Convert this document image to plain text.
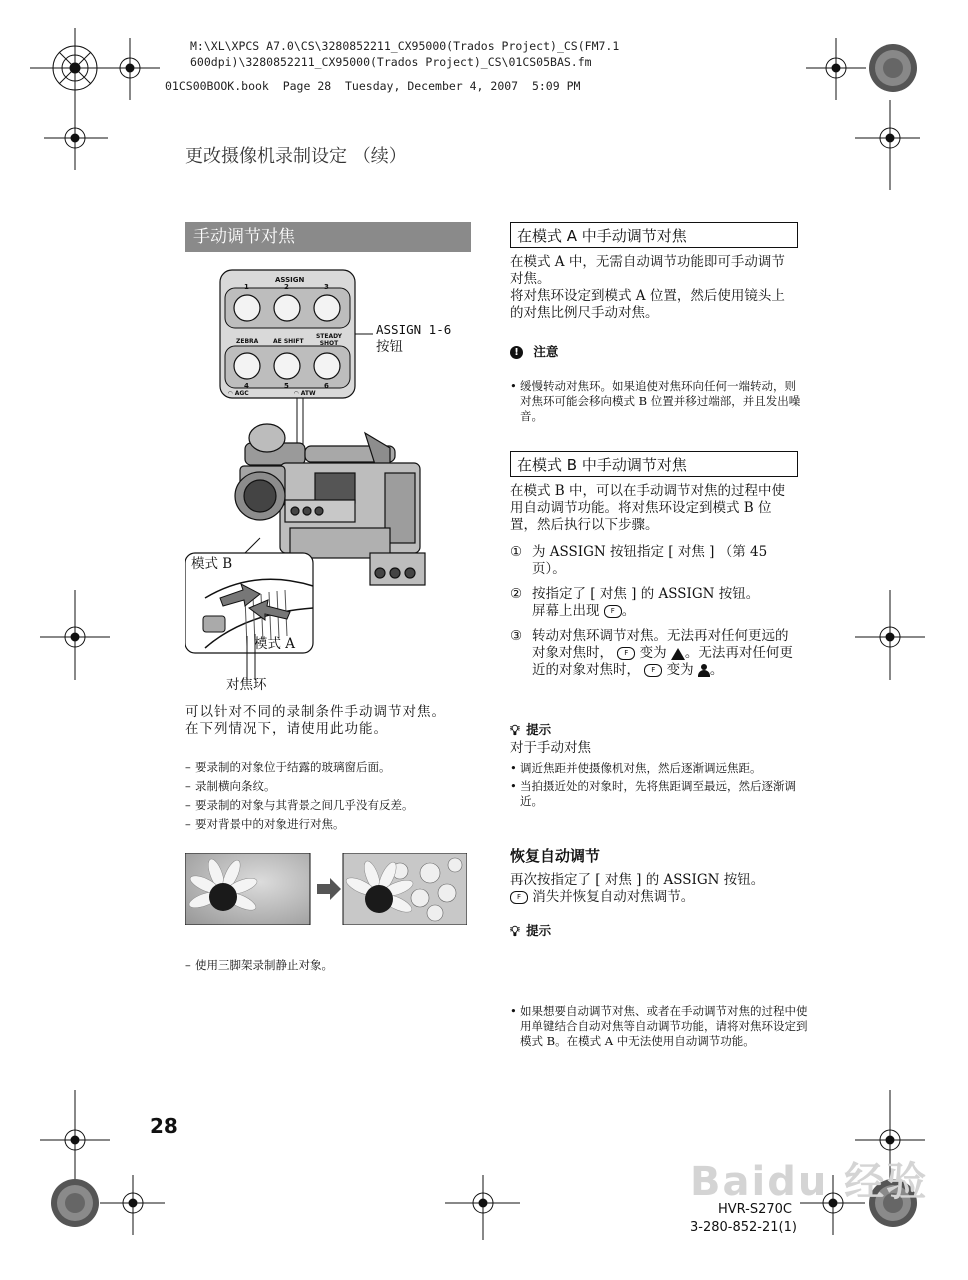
M:\XL\XPCS A7.0\CS\3280852211_CX95000(Trados Project)_CS(FM7.1
600dpi)\3280852211_CX95000(Trados Project)_CS\01CS05BAS.fm
01CS00BOOK.book  Page 28  Tuesday, December 4, 2007  5:09 PM
更改摄像机录制设定 （续）
手动调节对焦
ASSIGN
1	2	3
ZEBRA AE SHIFT
STEADY SHOT
4	5	6
◠ AGC	◠ ATW
ASSIGN 1-6
按钮
模式 B
模式 A
对焦环
可以针对不同的录制条件手动调节对焦。
在下列情况下，请使用此功能。
– 要录制的对象位于结露的玻璃窗后面。
– 录制横向条纹。
– 要录制的对象与其背景之间几乎没有反差。
– 要对背景中的对象进行对焦。
– 使用三脚架录制静止对象。
在模式 A 中手动调节对焦
在模式 A 中，无需自动调节功能即可手动调节对焦。
将对焦环设定到模式 A 位置，然后使用镜头上的对焦比例尺手动对焦。
! 注意
• 缓慢转动对焦环。如果追使对焦环向任何一端转动，则对焦环可能会移向模式 B 位置并移过端部，并且发出噪音。
在模式 B 中手动调节对焦
在模式 B 中，可以在手动调节对焦的过程中使用自动调节功能。将对焦环设定到模式 B 位置，然后执行以下步骤。
① 为 ASSIGN 按钮指定 [ 对焦 ] （第 45 页）。
② 按指定了 [ 对焦 ] 的 ASSIGN 按钮。
屏幕上出现 F 。
③ 转动对焦环调节对焦。无法再对任何更远的对象对焦时， F 变为 。无法再对任何更近的对象对焦时， F 变为 。
💡︎ 提示
对于手动对焦
• 调近焦距并使摄像机对焦，然后逐渐调远焦距。
• 当拍摄近处的对象时，先将焦距调至最远，然后逐渐调近。
恢复自动调节
再次按指定了 [ 对焦 ] 的 ASSIGN 按钮。
F 消失并恢复自动对焦调节。
💡︎ 提示
• 如果想要自动调节对焦、或者在手动调节对焦的过程中使用单键结合自动对焦等自动调节功能，请将对焦环设定到模式 B。在模式 A 中无法使用自动调节功能。
28
Baidu 经验
HVR-S270C
3-280-852-21(1)
